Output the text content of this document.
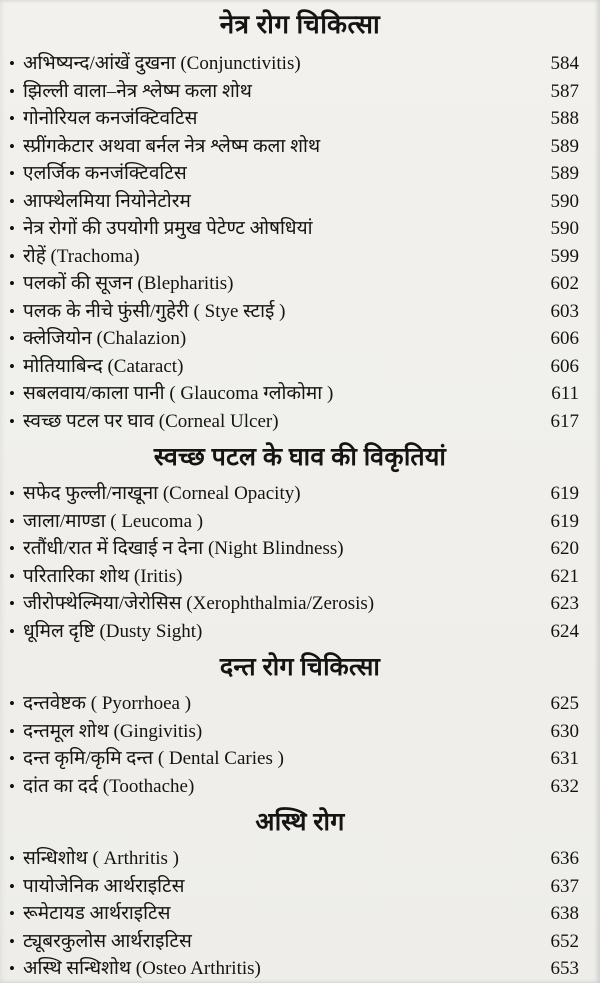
नेत्र रोग चिकित्सा
• अभिष्यन्द/आंखें दुखना (Conjunctivitis)	584
• झिल्ली वाला–नेत्र श्लेष्म कला शोथ	587
• गोनोरियल कनजंक्टिवटिस	588
• स्प्रींगकेटार अथवा बर्नल नेत्र श्लेष्म कला शोथ	589
• एलर्जिक कनजंक्टिवटिस	589
• आफ्थेलमिया नियोनेटोरम	590
• नेत्र रोगों की उपयोगी प्रमुख पेटेण्ट ओषधियां	590
• रोहें (Trachoma)	599
• पलकों की सूजन (Blepharitis)	602
• पलक के नीचे फुंसी/गुहेरी ( Stye स्टाई )	603
• क्लेजियोन (Chalazion)	606
• मोतियाबिन्द (Cataract)	606
• सबलवाय/काला पानी ( Glaucoma ग्लोकोमा )	611
• स्वच्छ पटल पर घाव (Corneal Ulcer)	617
स्वच्छ पटल के घाव की विकृतियां
• सफेद फुल्ली/नाखूना (Corneal Opacity)	619
• जाला/माण्डा ( Leucoma )	619
• रतौंधी/रात में दिखाई न देना (Night Blindness)	620
• परितारिका शोथ (Iritis)	621
• जीरोफ्थेल्मिया/जेरोसिस (Xerophthalmia/Zerosis)	623
• धूमिल दृष्टि (Dusty Sight)	624
दन्त रोग चिकित्सा
• दन्तवेष्टक ( Pyorrhoea )	625
• दन्तमूल शोथ (Gingivitis)	630
• दन्त कृमि/कृमि दन्त ( Dental Caries )	631
• दांत का दर्द (Toothache)	632
अस्थि रोग
• सन्धिशोथ ( Arthritis )	636
• पायोजेनिक आर्थराइटिस	637
• रूमेटायड आर्थराइटिस	638
• ट्यूबरकुलोस आर्थराइटिस	652
• अस्थि सन्धिशोथ (Osteo Arthritis)	653
